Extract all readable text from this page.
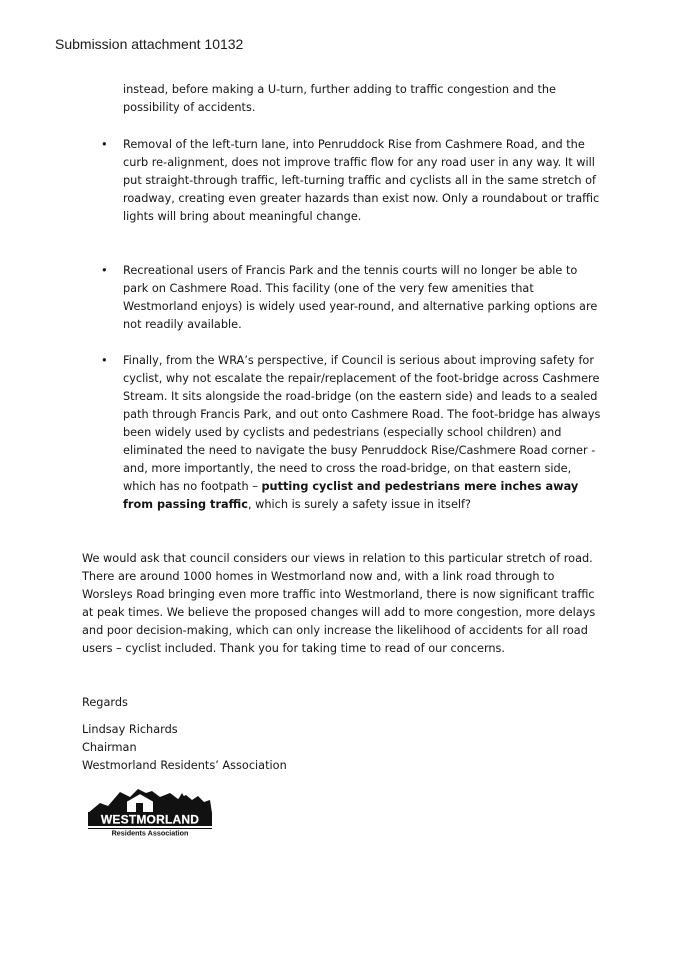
Submission attachment 10132
instead, before making a U-turn, further adding to traffic congestion and the possibility of accidents.
• Removal of the left-turn lane, into Penruddock Rise from Cashmere Road, and the curb re-alignment, does not improve traffic flow for any road user in any way. It will put straight-through traffic, left-turning traffic and cyclists all in the same stretch of roadway, creating even greater hazards than exist now. Only a roundabout or traffic lights will bring about meaningful change.
• Recreational users of Francis Park and the tennis courts will no longer be able to park on Cashmere Road. This facility (one of the very few amenities that Westmorland enjoys) is widely used year-round, and alternative parking options are not readily available.
• Finally, from the WRA’s perspective, if Council is serious about improving safety for cyclist, why not escalate the repair/replacement of the foot-bridge across Cashmere Stream. It sits alongside the road-bridge (on the eastern side) and leads to a sealed path through Francis Park, and out onto Cashmere Road. The foot-bridge has always been widely used by cyclists and pedestrians (especially school children) and eliminated the need to navigate the busy Penruddock Rise/Cashmere Road corner - and, more importantly, the need to cross the road-bridge, on that eastern side, which has no footpath – putting cyclist and pedestrians mere inches away from passing traffic, which is surely a safety issue in itself?
We would ask that council considers our views in relation to this particular stretch of road. There are around 1000 homes in Westmorland now and, with a link road through to Worsleys Road bringing even more traffic into Westmorland, there is now significant traffic at peak times. We believe the proposed changes will add to more congestion, more delays and poor decision-making, which can only increase the likelihood of accidents for all road users – cyclist included. Thank you for taking time to read of our concerns.
Regards
Lindsay Richards
Chairman
Westmorland Residents’ Association
WESTMORLAND
Residents Association
